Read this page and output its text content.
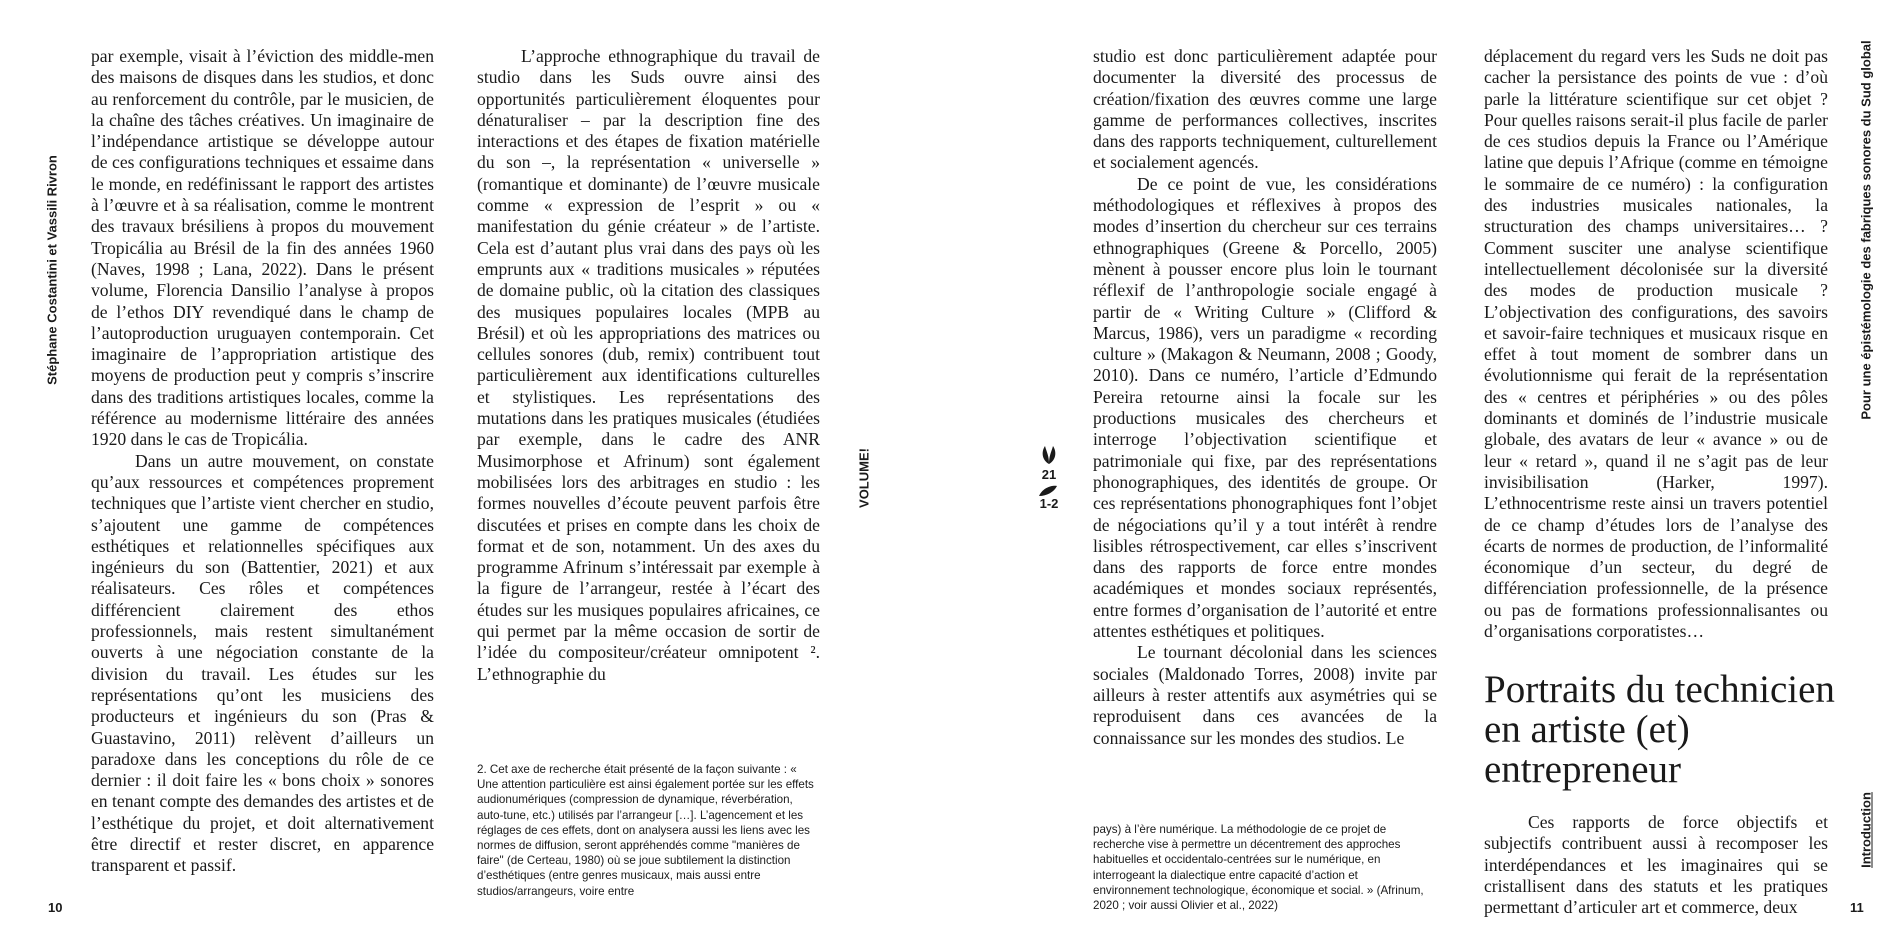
Stéphane Costantini et Vassili Rivron

par exemple, visait à l’éviction des middle-men des maisons de disques dans les studios, et donc au renforcement du contrôle, par le musicien, de la chaîne des tâches créatives. Un imaginaire de l’indépendance artistique se développe autour de ces configurations techniques et essaime dans le monde, en redéfinissant le rapport des artistes à l’œuvre et à sa réalisation, comme le montrent des travaux brésiliens à propos du mouvement Tropicália au Brésil de la fin des années 1960 (Naves, 1998 ; Lana, 2022). Dans le présent volume, Florencia Dansilio l’analyse à propos de l’ethos DIY revendiqué dans le champ de l’autoproduction uruguayen contemporain. Cet imaginaire de l’appropriation artistique des moyens de production peut y compris s’inscrire dans des traditions artistiques locales, comme la référence au modernisme littéraire des années 1920 dans le cas de Tropicália.

Dans un autre mouvement, on constate qu’aux ressources et compétences proprement techniques que l’artiste vient chercher en studio, s’ajoutent une gamme de compétences esthétiques et relationnelles spécifiques aux ingénieurs du son (Battentier, 2021) et aux réalisateurs. Ces rôles et compétences différencient clairement des ethos professionnels, mais restent simultanément ouverts à une négociation constante de la division du travail. Les études sur les représentations qu’ont les musiciens des producteurs et ingénieurs du son (Pras & Guastavino, 2011) relèvent d’ailleurs un paradoxe dans les conceptions du rôle de ce dernier : il doit faire les « bons choix » sonores en tenant compte des demandes des artistes et de l’esthétique du projet, et doit alternativement être directif et rester discret, en apparence transparent et passif.

L’approche ethnographique du travail de studio dans les Suds ouvre ainsi des opportunités particulièrement éloquentes pour dénaturaliser – par la description fine des interactions et des étapes de fixation matérielle du son –, la représentation « universelle » (romantique et dominante) de l’œuvre musicale comme « expression de l’esprit » ou « manifestation du génie créateur » de l’artiste. Cela est d’autant plus vrai dans des pays où les emprunts aux « traditions musicales » réputées de domaine public, où la citation des classiques des musiques populaires locales (MPB au Brésil) et où les appropriations des matrices ou cellules sonores (dub, remix) contribuent tout particulièrement aux identifications culturelles et stylistiques. Les représentations des mutations dans les pratiques musicales (étudiées par exemple, dans le cadre des ANR Musimorphose et Afrinum) sont également mobilisées lors des arbitrages en studio : les formes nouvelles d’écoute peuvent parfois être discutées et prises en compte dans les choix de format et de son, notamment. Un des axes du programme Afrinum s’intéressait par exemple à la figure de l’arrangeur, restée à l’écart des études sur les musiques populaires africaines, ce qui permet par la même occasion de sortir de l’idée du compositeur/créateur omnipotent ². L’ethnographie du

2. Cet axe de recherche était présenté de la façon suivante : « Une attention particulière est ainsi également portée sur les effets audionumériques (compression de dynamique, réverbération, auto-tune, etc.) utilisés par l’arrangeur […]. L’agencement et les réglages de ces effets, dont on analysera aussi les liens avec les normes de diffusion, seront appréhendés comme "manières de faire" (de Certeau, 1980) où se joue subtilement la distinction d’esthétiques (entre genres musicaux, mais aussi entre studios/arrangeurs, voire entre

10
VOLUME!	21
1-2

studio est donc particulièrement adaptée pour documenter la diversité des processus de création/fixation des œuvres comme une large gamme de performances collectives, inscrites dans des rapports techniquement, culturellement et socialement agencés.

De ce point de vue, les considérations méthodologiques et réflexives à propos des modes d’insertion du chercheur sur ces terrains ethnographiques (Greene & Porcello, 2005) mènent à pousser encore plus loin le tournant réflexif de l’anthropologie sociale engagé à partir de « Writing Culture » (Clifford & Marcus, 1986), vers un paradigme « recording culture » (Makagon & Neumann, 2008 ; Goody, 2010). Dans ce numéro, l’article d’Edmundo Pereira retourne ainsi la focale sur les productions musicales des chercheurs et interroge l’objectivation scientifique et patrimoniale qui fixe, par des représentations phonographiques, des identités de groupe. Or ces représentations phonographiques font l’objet de négociations qu’il y a tout intérêt à rendre lisibles rétrospectivement, car elles s’inscrivent dans des rapports de force entre mondes académiques et mondes sociaux représentés, entre formes d’organisation de l’autorité et entre attentes esthétiques et politiques.

Le tournant décolonial dans les sciences sociales (Maldonado Torres, 2008) invite par ailleurs à rester attentifs aux asymétries qui se reproduisent dans ces avancées de la connaissance sur les mondes des studios. Le

pays) à l’ère numérique. La méthodologie de ce projet de recherche vise à permettre un décentrement des approches habituelles et occidentalo-centrées sur le numérique, en interrogeant la dialectique entre capacité d’action et environnement technologique, économique et social. » (Afrinum, 2020 ; voir aussi Olivier et al., 2022)

déplacement du regard vers les Suds ne doit pas cacher la persistance des points de vue : d’où parle la littérature scientifique sur cet objet ? Pour quelles raisons serait-il plus facile de parler de ces studios depuis la France ou l’Amérique latine que depuis l’Afrique (comme en témoigne le sommaire de ce numéro) : la configuration des industries musicales nationales, la structuration des champs universitaires… ? Comment susciter une analyse scientifique intellectuellement décolonisée sur la diversité des modes de production musicale ? L’objectivation des configurations, des savoirs et savoir-faire techniques et musicaux risque en effet à tout moment de sombrer dans un évolutionnisme qui ferait de la représentation des « centres et périphéries » ou des pôles dominants et dominés de l’industrie musicale globale, des avatars de leur « avance » ou de leur « retard », quand il ne s’agit pas de leur invisibilisation (Harker, 1997). L’ethnocentrisme reste ainsi un travers potentiel de ce champ d’études lors de l’analyse des écarts de normes de production, de l’informalité économique d’un secteur, du degré de différenciation professionnelle, de la présence ou pas de formations professionnalisantes ou d’organisations corporatistes…

Portraits du technicien en artiste (et) entrepreneur

Ces rapports de force objectifs et subjectifs contribuent aussi à recomposer les interdépendances et les imaginaires qui se cristallisent dans des statuts et les pratiques permettant d’articuler art et commerce, deux

Pour une épistémologie des fabriques sonores du Sud global
Introduction
11
